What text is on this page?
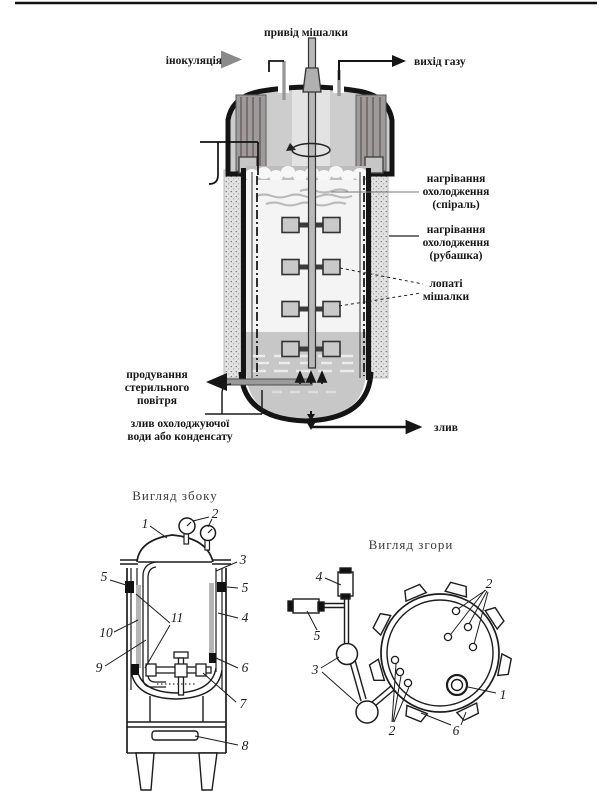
привід мішалки
інокуляція	вихід газу
нагрівання
охолодження
(спіраль)
нагрівання
охолодження
(рубашка)
лопаті
мішалки
продування
стерильного
повітря
злив охолоджуючої
води або конденсату
злив
Вигляд збоку
1
2
3
5
5
4
10
11
9	6
7
8
Вигляд згори
4
5
3
2
2
1
6
